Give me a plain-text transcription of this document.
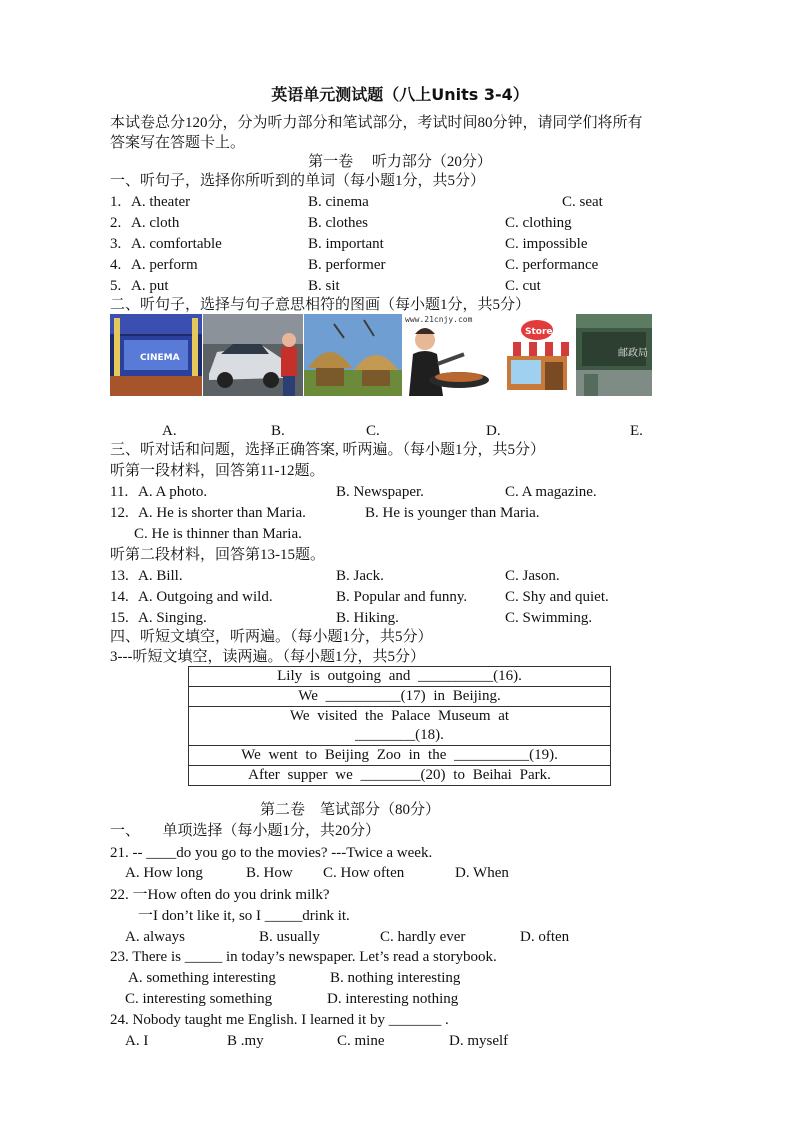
英语单元测试题（八上Units 3-4）
本试卷总分120分，分为听力部分和笔试部分，考试时间80分钟，请同学们将所有
答案写在答题卡上。
第一卷　 听力部分（20分）
一、听句子，选择你所听到的单词（每小题1分，共5分）
1. A. theater	B. cinema	C. seat
2. A. cloth	B. clothes	C. clothing
3. A. comfortable	B. important	C. impossible
4. A. perform	B. performer	C. performance
5. A. put	B. sit	C. cut
二、听句子，选择与句子意思相符的图画（每小题1分，共5分）
CINEMA
www.21cnjy.com
Store
邮政局
A.	B.	C.	D.	E.
三、听对话和问题，选择正确答案, 听两遍。（每小题1分，共5分）
听第一段材料，回答第11-12题。
11. A. A photo.	B. Newspaper.	C. A magazine.
12. A. He is shorter than Maria.	B. He is younger than Maria.
C. He is thinner than Maria.
听第二段材料，回答第13-15题。
13. A. Bill.	B. Jack.	C. Jason.
14. A. Outgoing and wild.	B. Popular and funny.	C. Shy and quiet.
15. A. Singing.	B. Hiking.	C. Swimming.
四、听短文填空，听两遍。（每小题1分，共5分）
3---听短文填空，读两遍。（每小题1分，共5分）
Lily is outgoing and __________(16).
We __________(17) in Beijing.

We visited the Palace Museum at
________(18).

We went to Beijing Zoo in the __________(19).
After supper we ________(20) to Beihai Park.
第二卷　笔试部分（80分）
一、　　单项选择（每小题1分，共20分）
21. -- ____do you go to the movies? ---Twice a week.
A. How long	B. How C. How often	D. When
22. 一How often do you drink milk?
一I don’t like it, so I _____drink it.
A. always	B. usually	C. hardly ever	D. often
23. There is _____ in today’s newspaper. Let’s read a storybook.
A. something interesting	B. nothing interesting
C. interesting something	D. interesting nothing
24. Nobody taught me English. I learned it by _______ .
A. I	B .my	C. mine	D. myself
